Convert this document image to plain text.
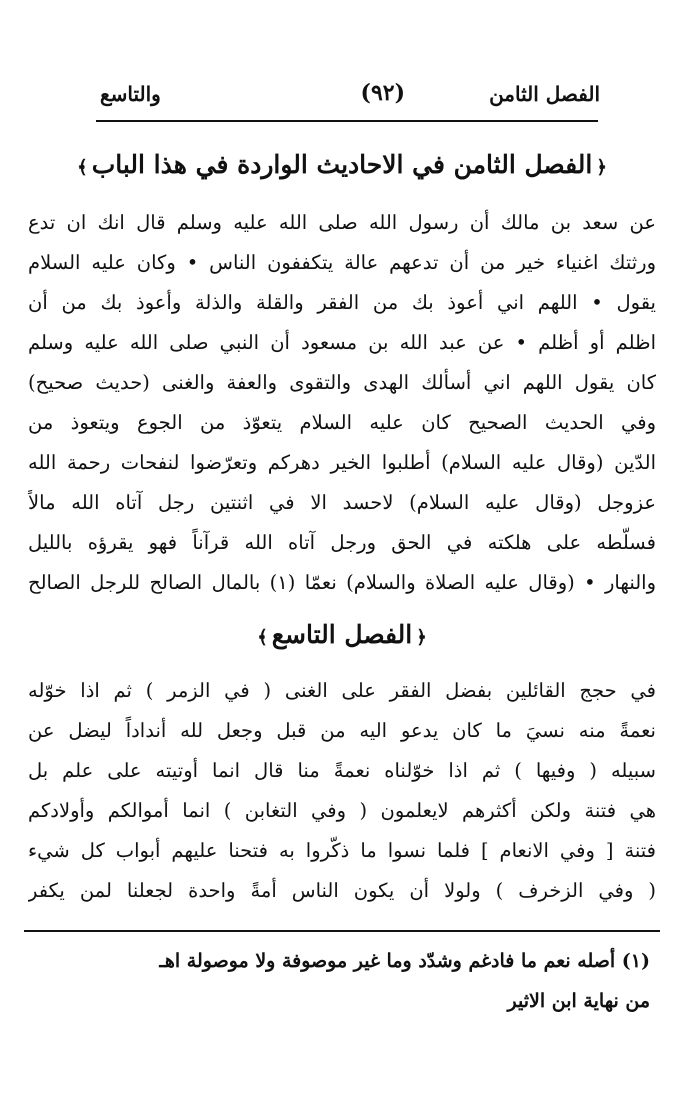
الفصل الثامن
(٩٢)
والتاسع
﴿الفصل الثامن في الاحاديث الواردة في هذا الباب﴾
عن سعد بن مالك أن رسول الله صلى الله عليه وسلم قال انك ان تدع
ورثتك اغنياء خير من أن تدعهم عالة يتكففون الناس • وكان عليه السلام
يقول • اللهم اني أعوذ بك من الفقر والقلة والذلة وأعوذ بك من أن
اظلم أو أظلم • عن عبد الله بن مسعود أن النبي صلى الله عليه وسلم
كان يقول اللهم اني أسألك الهدى والتقوى والعفة والغنى (حديث صحيح)
وفي الحديث الصحيح كان عليه السلام يتعوّذ من الجوع ويتعوذ من
الدّين (وقال عليه السلام) أطلبوا الخير دهركم وتعرّضوا لنفحات رحمة الله
عزوجل (وقال عليه السلام) لاحسد الا في اثنتين رجل آتاه الله مالاً
فسلّطه على هلكته في الحق ورجل آتاه الله قرآناً فهو يقرؤه بالليل
والنهار • (وقال عليه الصلاة والسلام) نعمّا (١) بالمال الصالح للرجل الصالح
﴿الفصل التاسع﴾
في حجج القائلين بفضل الفقر على الغنى ( في الزمر ) ثم اذا خوّله
نعمةً منه نسيَ ما كان يدعو اليه من قبل وجعل لله أنداداً ليضل عن
سبيله ( وفيها ) ثم اذا خوّلناه نعمةً منا قال انما أوتيته على علم بل
هي فتنة ولكن أكثرهم لايعلمون ( وفي التغابن ) انما أموالكم وأولادكم
فتنة [ وفي الانعام ] فلما نسوا ما ذكّروا به فتحنا عليهم أبواب كل شيء
( وفي الزخرف ) ولولا أن يكون الناس أمةً واحدة لجعلنا لمن يكفر
(١) أصله نعم ما فادغم وشدّد وما غير موصوفة ولا موصولة اهـ
من نهاية ابن الاثير
